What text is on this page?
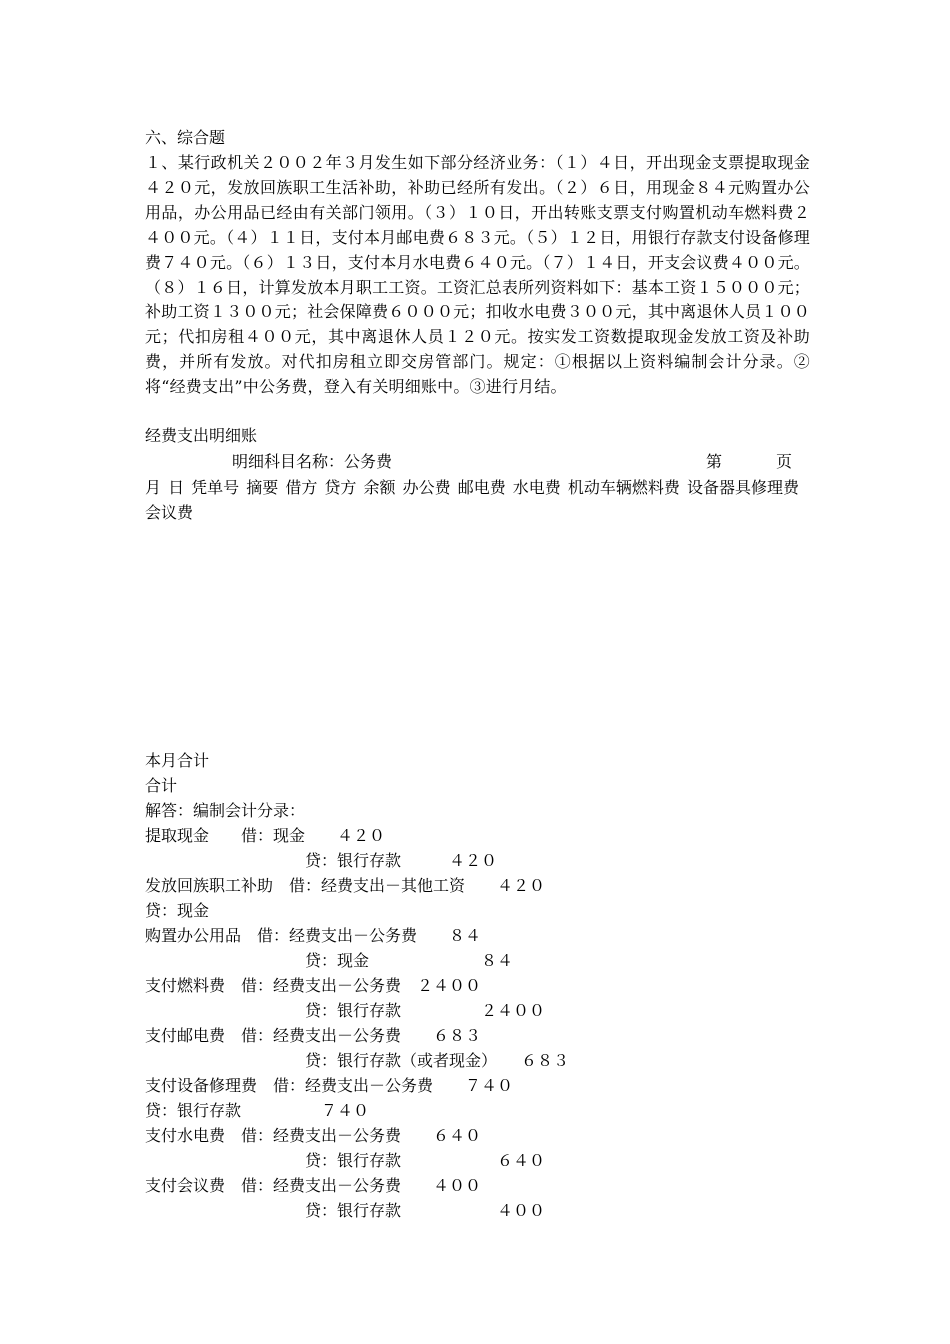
六、综合题
１、某行政机关２００２年３月发生如下部分经济业务：（１）４日，开出现金支票提取现金４２０元，发放回族职工生活补助，补助已经所有发出。（２）６日，用现金８４元购置办公用品，办公用品已经由有关部门领用。（３）１０日，开出转账支票支付购置机动车燃料费２４００元。（４）１１日，支付本月邮电费６８３元。（５）１２日，用银行存款支付设备修理费７４０元。（６）１３日，支付本月水电费６４０元。（７）１４日，开支会议费４００元。（８）１６日，计算发放本月职工工资。工资汇总表所列资料如下：基本工资１５０００元；补助工资１３００元；社会保障费６０００元；扣收水电费３００元，其中离退休人员１００元；代扣房租４００元，其中离退休人员１２０元。按实发工资数提取现金发放工资及补助费，并所有发放。对代扣房租立即交房管部门。规定：①根据以上资料编制会计分录。②将“经费支出”中公务费，登入有关明细账中。③进行月结。
经费支出明细账
明细科目名称：公务费	第	页
月 日 凭单号 摘要 借方 贷方 余额 办公费 邮电费 水电费 机动车辆燃料费 设备器具修理费 会议费
本月合计
合计
解答：编制会计分录：
提取现金　　借：现金　　４２０
　　　　　　　　　　贷：银行存款　　　４２０
发放回族职工补助　借：经费支出－其他工资　　４２０
贷：现金
购置办公用品　借：经费支出－公务费　　８４
　　　　　　　　　　贷：现金　　　　　　　８４
支付燃料费　借：经费支出－公务费　２４００
　　　　　　　　　　贷：银行存款　　　　　２４００
支付邮电费　借：经费支出－公务费　　６８３
　　　　　　　　　　贷：银行存款（或者现金）　　６８３
支付设备修理费　借：经费支出－公务费　　７４０
贷：银行存款　　　　　７４０
支付水电费　借：经费支出－公务费　　６４０
　　　　　　　　　　贷：银行存款　　　　　　６４０
支付会议费　借：经费支出－公务费　　４００
　　　　　　　　　　贷：银行存款　　　　　　４００
